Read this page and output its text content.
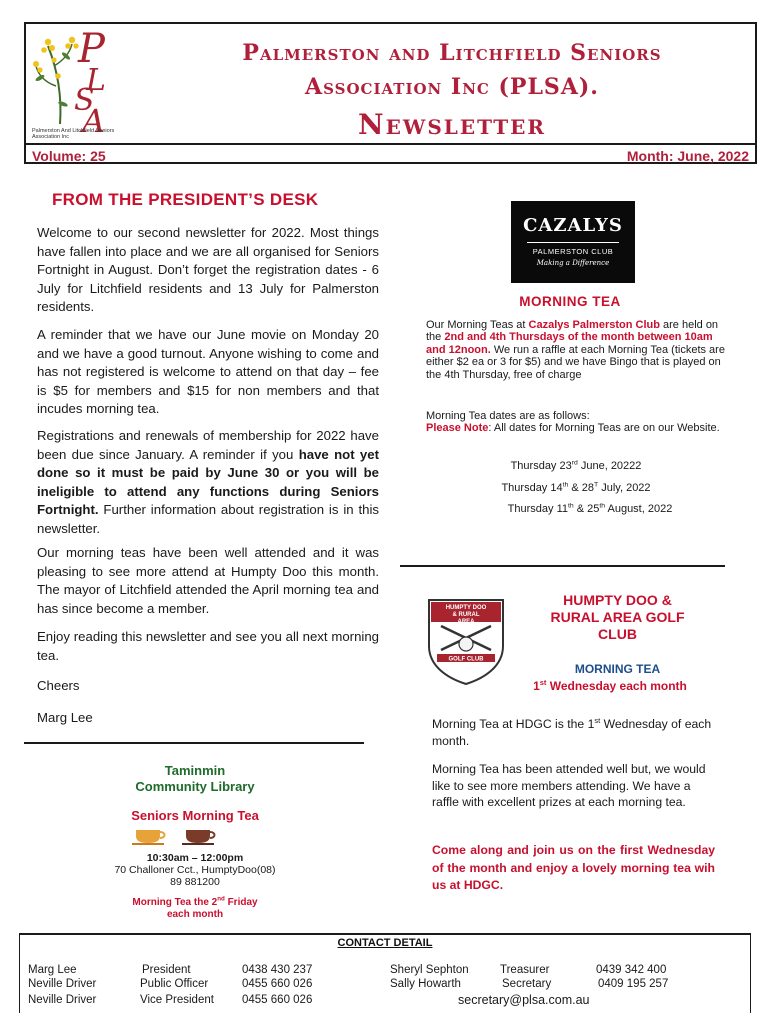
P
L
S
A
Palmerston And Litchfield Seniors Association Inc
Palmerston and Litchfield Seniors
Association Inc (PLSA).
Newsletter
Volume: 25	Month: June, 2022
FROM THE PRESIDENT’S DESK

Welcome to our second newsletter for 2022. Most things have fallen into place and we are all organised for Seniors Fortnight in August. Don’t forget the registration dates - 6 July for Litchfield residents and 13 July for Palmerston residents.

A reminder that we have our June movie on Monday 20 and we have a good turnout. Anyone wishing to come and has not registered is welcome to attend on that day – fee is $5 for members and $15 for non members and that incudes morning tea.

Registrations and renewals of membership for 2022 have been due since January. A reminder if you have not yet done so it must be paid by June 30 or you will be ineligible to attend any functions during Seniors Fortnight. Further information about registration is in this newsletter.

Our morning teas have been well attended and it was pleasing to see more attend at Humpty Doo this month. The mayor of Litchfield attended the April morning tea and has since become a member.

Enjoy reading this newsletter and see you all next morning tea.

Cheers

Marg Lee

Taminmin
Community Library
Seniors Morning Tea
10:30am – 12:00pm
70 Challoner Cct., HumptyDoo(08)
89 881200
Morning Tea the 2nd Friday
each month
CAZALYS
PALMERSTON CLUB
Making a Difference
MORNING TEA

Our Morning Teas at Cazalys Palmerston Club are held on the 2nd and 4th Thursdays of the month between 10am and 12noon. We run a raffle at each Morning Tea (tickets are either $2 ea or 3 for $5) and we have Bingo that is played on the 4th Thursday, free of charge

Morning Tea dates are as follows:

Please Note: All dates for Morning Teas are on our Website.

Thursday 23rd June, 20222
Thursday 14th & $28^T$ July, 2022
Thursday 11th & 25th August, 2022
HUMPTY DOO
& RURAL
AREA
GOLF CLUB
HUMPTY DOO &
RURAL AREA GOLF
CLUB
MORNING TEA
1st Wednesday each month

Morning Tea at HDGC is the 1st Wednesday of each month.

Morning Tea has been attended well but, we would like to see more members attending. We have a raffle with excellent prizes at each morning tea.

Come along and join us on the first Wednesday of the month and enjoy a lovely morning tea wih us at HDGC.

CONTACT DETAIL
Marg Lee	President	0438 430 237
Neville Driver	Public Officer	0455 660 026
Neville Driver	Vice President 0455 660 026
Sheryl Sephton	Treasurer	0439 342 400
Sally Howarth	Secretary	0409 195 257
secretary@plsa.com.au
